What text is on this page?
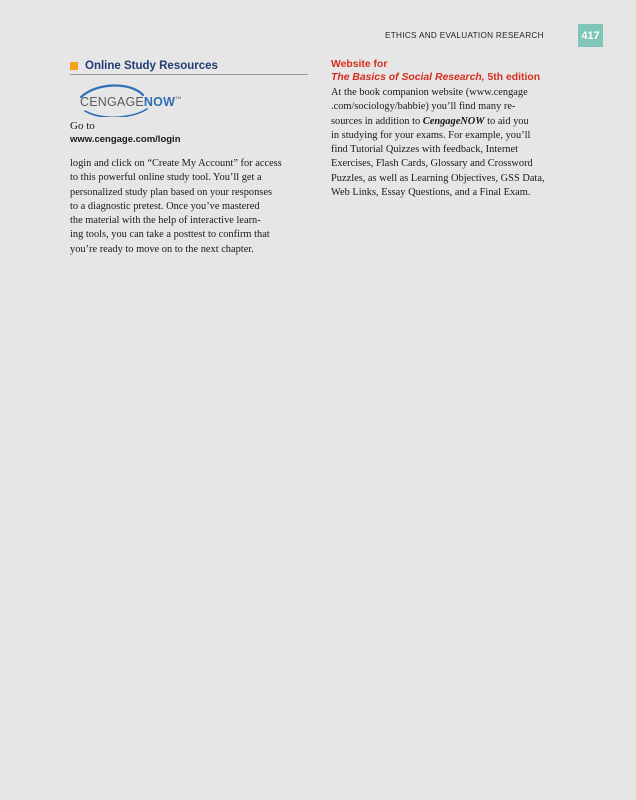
ETHICS AND EVALUATION RESEARCH	417
Online Study Resources
CENGAGENOW™
Go to
www.cengage.com/login
login and click on “Create My Account” for access
to this powerful online study tool. You’ll get a
personalized study plan based on your responses
to a diagnostic pretest. Once you’ve mastered
the material with the help of interactive learn-
ing tools, you can take a posttest to confirm that
you’re ready to move on to the next chapter.
Website for
The Basics of Social Research, 5th edition
At the book companion website (www.cengage
.com/sociology/babbie) you’ll find many re-
sources in addition to CengageNOW to aid you
in studying for your exams. For example, you’ll
find Tutorial Quizzes with feedback, Internet
Exercises, Flash Cards, Glossary and Crossword
Puzzles, as well as Learning Objectives, GSS Data,
Web Links, Essay Questions, and a Final Exam.
